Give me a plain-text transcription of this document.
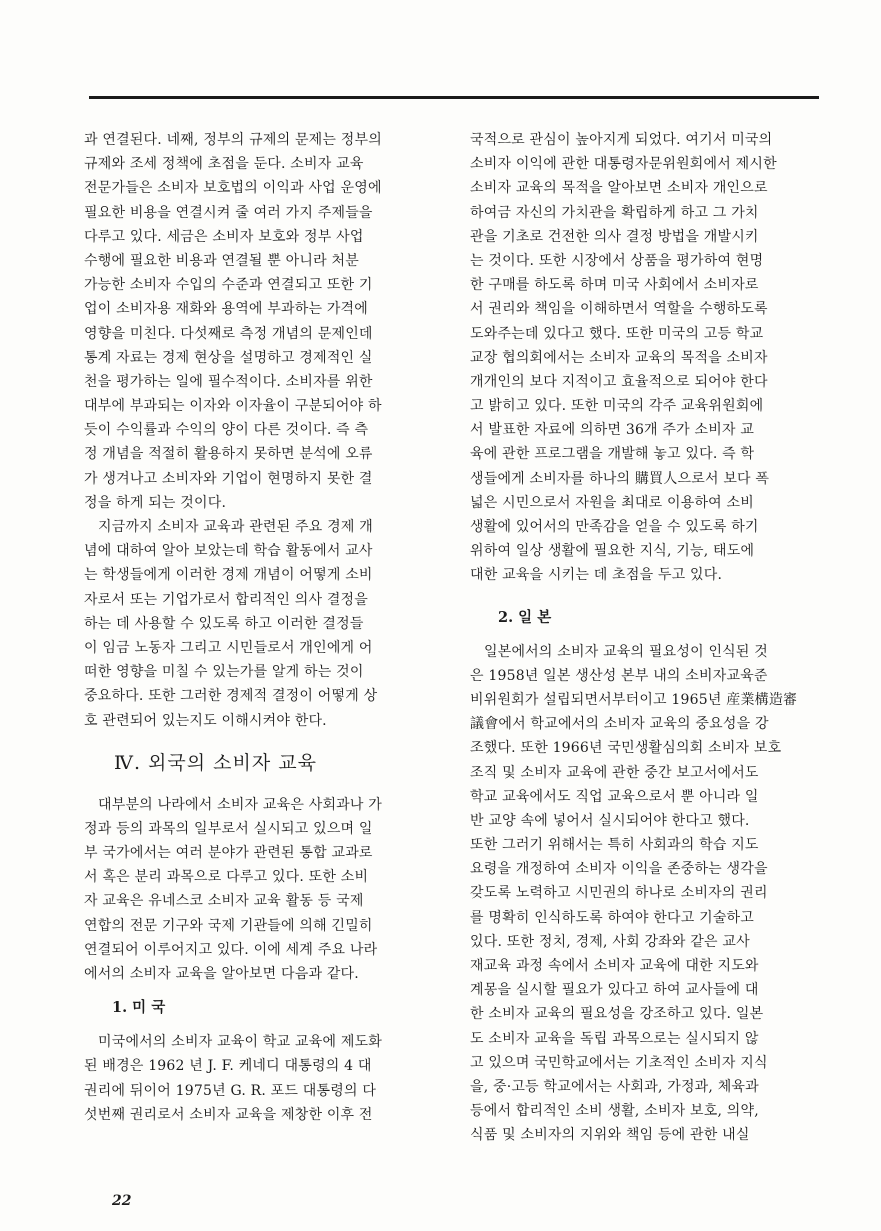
과 연결된다. 네째, 정부의 규제의 문제는 정부의
규제와 조세 정책에 초점을 둔다. 소비자 교육
전문가들은 소비자 보호법의 이익과 사업 운영에
필요한 비용을 연결시켜 줄 여러 가지 주제들을
다루고 있다. 세금은 소비자 보호와 정부 사업
수행에 필요한 비용과 연결될 뿐 아니라 처분
가능한 소비자 수입의 수준과 연결되고 또한 기
업이 소비자용 재화와 용역에 부과하는 가격에
영향을 미친다. 다섯째로 측정 개념의 문제인데
통계 자료는 경제 현상을 설명하고 경제적인 실
천을 평가하는 일에 필수적이다. 소비자를 위한
대부에 부과되는 이자와 이자율이 구분되어야 하
듯이 수익률과 수익의 양이 다른 것이다. 즉 측
정 개념을 적절히 활용하지 못하면 분석에 오류
가 생겨나고 소비자와 기업이 현명하지 못한 결
정을 하게 되는 것이다.
지금까지 소비자 교육과 관련된 주요 경제 개
념에 대하여 알아 보았는데 학습 활동에서 교사
는 학생들에게 이러한 경제 개념이 어떻게 소비
자로서 또는 기업가로서 합리적인 의사 결정을
하는 데 사용할 수 있도록 하고 이러한 결정들
이 임금 노동자 그리고 시민들로서 개인에게 어
떠한 영향을 미칠 수 있는가를 알게 하는 것이
중요하다. 또한 그러한 경제적 결정이 어떻게 상
호 관련되어 있는지도 이해시켜야 한다.
Ⅳ. 외국의 소비자 교육
대부분의 나라에서 소비자 교육은 사회과나 가
정과 등의 과목의 일부로서 실시되고 있으며 일
부 국가에서는 여러 분야가 관련된 통합 교과로
서 혹은 분리 과목으로 다루고 있다. 또한 소비
자 교육은 유네스코 소비자 교육 활동 등 국제
연합의 전문 기구와 국제 기관들에 의해 긴밀히
연결되어 이루어지고 있다. 이에 세계 주요 나라
에서의 소비자 교육을 알아보면 다음과 같다.
1. 미 국
미국에서의 소비자 교육이 학교 교육에 제도화
된 배경은 1962 년 J. F. 케네디 대통령의 4 대
권리에 뒤이어 1975년 G. R. 포드 대통령의 다
섯번째 권리로서 소비자 교육을 제창한 이후 전
국적으로 관심이 높아지게 되었다. 여기서 미국의
소비자 이익에 관한 대통령자문위원회에서 제시한
소비자 교육의 목적을 알아보면 소비자 개인으로
하여금 자신의 가치관을 확립하게 하고 그 가치
관을 기초로 건전한 의사 결정 방법을 개발시키
는 것이다. 또한 시장에서 상품을 평가하여 현명
한 구매를 하도록 하며 미국 사회에서 소비자로
서 권리와 책임을 이해하면서 역할을 수행하도록
도와주는데 있다고 했다. 또한 미국의 고등 학교
교장 협의회에서는 소비자 교육의 목적을 소비자
개개인의 보다 지적이고 효율적으로 되어야 한다
고 밝히고 있다. 또한 미국의 각주 교육위원회에
서 발표한 자료에 의하면 36개 주가 소비자 교
육에 관한 프로그램을 개발해 놓고 있다. 즉 학
생들에게 소비자를 하나의 購買人으로서 보다 폭
넓은 시민으로서 자원을 최대로 이용하여 소비
생활에 있어서의 만족감을 얻을 수 있도록 하기
위하여 일상 생활에 필요한 지식, 기능, 태도에
대한 교육을 시키는 데 초점을 두고 있다.
2. 일 본
일본에서의 소비자 교육의 필요성이 인식된 것
은 1958년 일본 생산성 본부 내의 소비자교육준
비위원회가 설립되면서부터이고 1965년 産業構造審
議會에서 학교에서의 소비자 교육의 중요성을 강
조했다. 또한 1966년 국민생활심의회 소비자 보호
조직 및 소비자 교육에 관한 중간 보고서에서도
학교 교육에서도 직업 교육으로서 뿐 아니라 일
반 교양 속에 넣어서 실시되어야 한다고 했다.
또한 그러기 위해서는 특히 사회과의 학습 지도
요령을 개정하여 소비자 이익을 존중하는 생각을
갖도록 노력하고 시민권의 하나로 소비자의 권리
를 명확히 인식하도록 하여야 한다고 기술하고
있다. 또한 정치, 경제, 사회 강좌와 같은 교사
재교육 과정 속에서 소비자 교육에 대한 지도와
계몽을 실시할 필요가 있다고 하여 교사들에 대
한 소비자 교육의 필요성을 강조하고 있다. 일본
도 소비자 교육을 독립 과목으로는 실시되지 않
고 있으며 국민학교에서는 기초적인 소비자 지식
을, 중·고등 학교에서는 사회과, 가정과, 체육과
등에서 합리적인 소비 생활, 소비자 보호, 의약,
식품 및 소비자의 지위와 책임 등에 관한 내실
22
